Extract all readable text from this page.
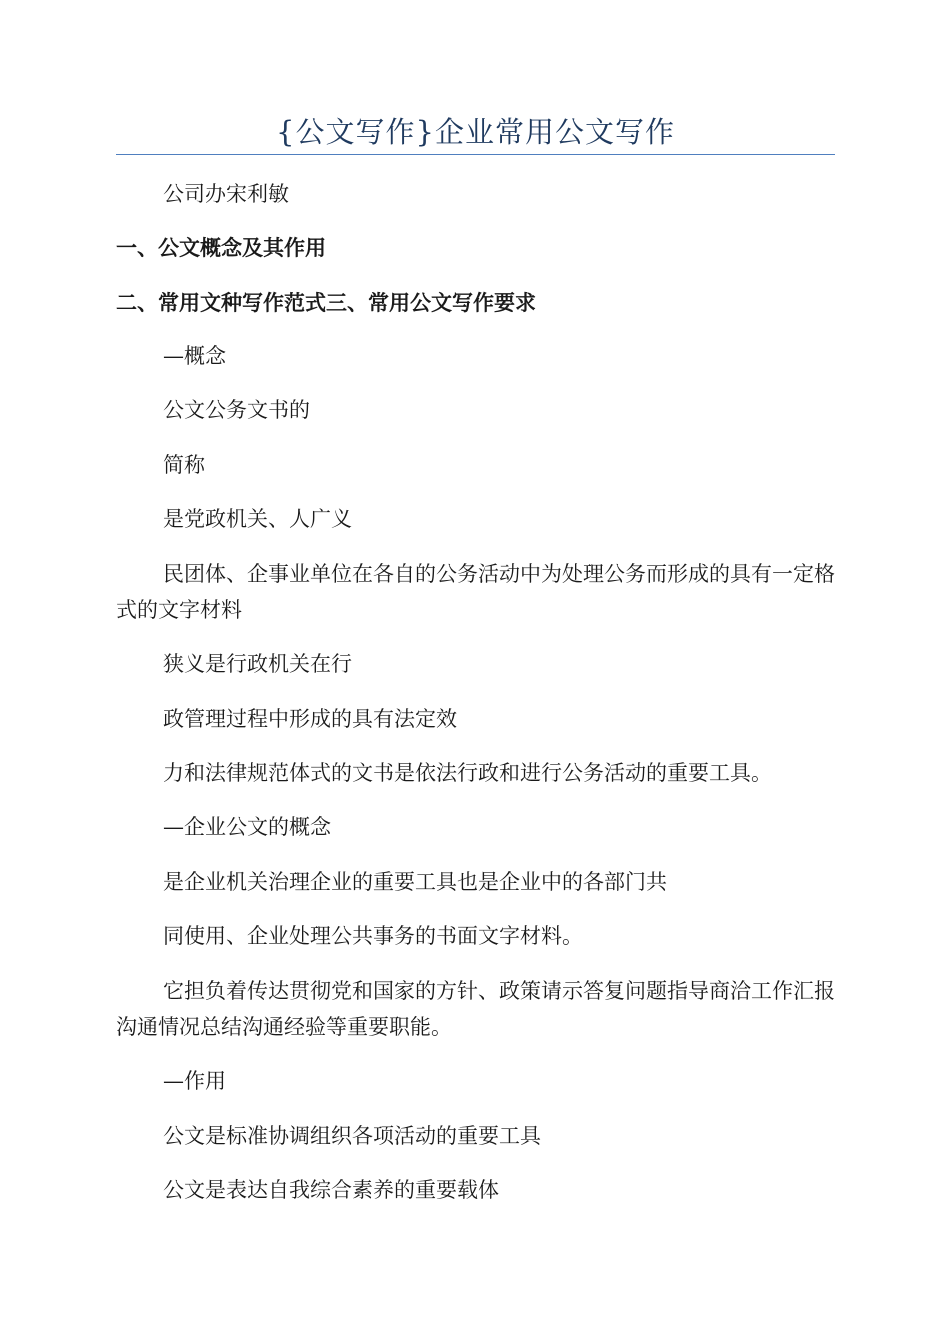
{公文写作}企业常用公文写作

公司办宋利敏

一、公文概念及其作用

二、常用文种写作范式三、常用公文写作要求

—概念

公文公务文书的

简称

是党政机关、人广义

民团体、企事业单位在各自的公务活动中为处理公务而形成的具有一定格式的文字材料

狭义是行政机关在行

政管理过程中形成的具有法定效

力和法律规范体式的文书是依法行政和进行公务活动的重要工具。

—企业公文的概念

是企业机关治理企业的重要工具也是企业中的各部门共

同使用、企业处理公共事务的书面文字材料。

它担负着传达贯彻党和国家的方针、政策请示答复问题指导商洽工作汇报沟通情况总结沟通经验等重要职能。

—作用

公文是标准协调组织各项活动的重要工具

公文是表达自我综合素养的重要载体
